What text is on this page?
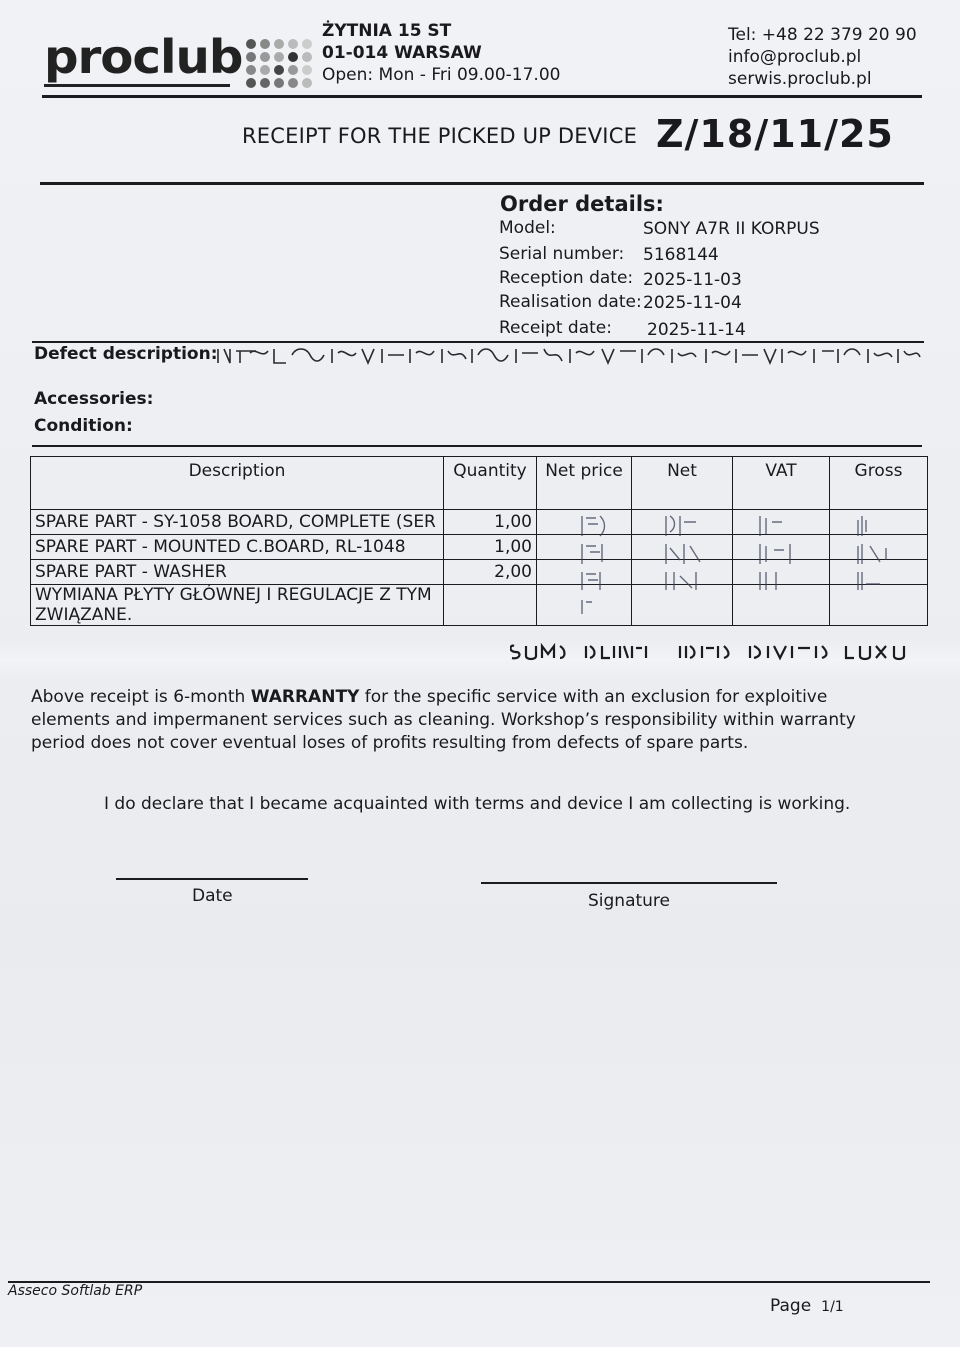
proclub	ŻYTNIA 15 ST
01-014 WARSAW
Open: Mon - Fri 09.00-17.00
Tel: +48 22 379 20 90
info@proclub.pl
serwis.proclub.pl
RECEIPT FOR THE PICKED UP DEVICE Z/18/11/25
Order details:
Model:	SONY A7R II KORPUS
Serial number: 5168144
Reception date: 2025-11-03
Realisation date: 2025-11-04
Receipt date: 2025-11-14
Defect description:
Accessories:
Condition:
Description	Quantity	Net price	Net	VAT	Gross
SPARE PART - SY-1058 BOARD, COMPLETE (SER	1,00				
SPARE PART - MOUNTED C.BOARD, RL-1048	1,00				
SPARE PART - WASHER	2,00				
WYMIANA PŁYTY GŁÓWNEJ I REGULACJE Z TYM ZWIĄZANE.					
Above receipt is 6-month WARRANTY for the specific service with an exclusion for exploitive elements and impermanent services such as cleaning. Workshop’s responsibility within warranty period does not cover eventual loses of profits resulting from defects of spare parts.
I do declare that I became acquainted with terms and device I am collecting is working.
Date	Signature
Asseco Softlab ERP
Page 1/1
